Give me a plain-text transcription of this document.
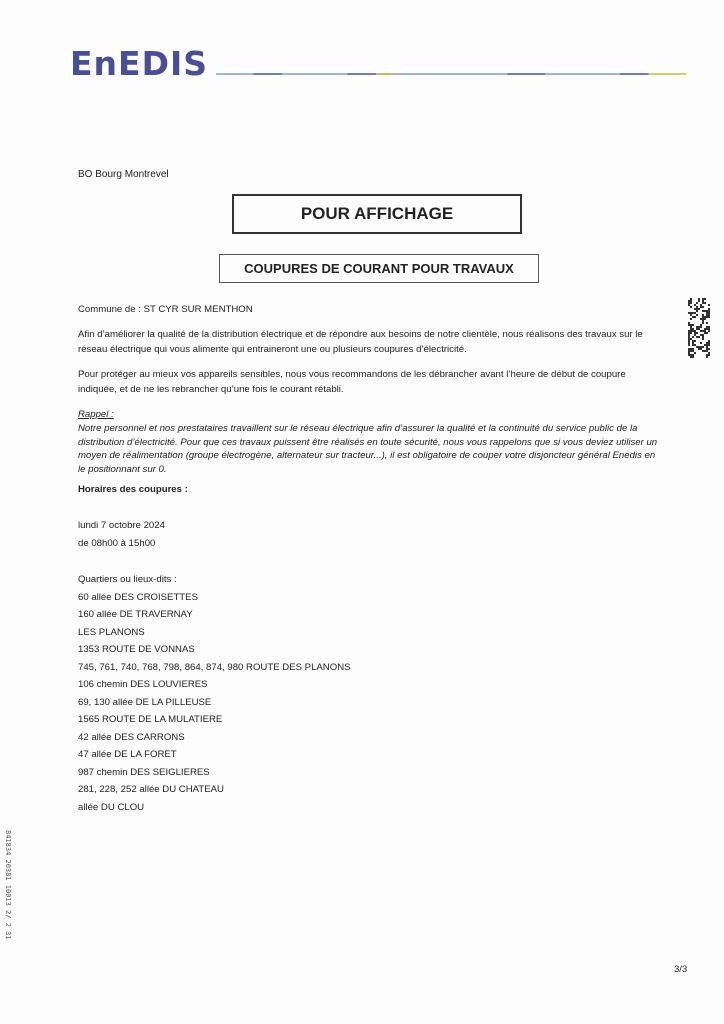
EnEDIS
BO Bourg Montrevel
POUR AFFICHAGE
COUPURES DE COURANT POUR TRAVAUX

Commune de : ST CYR SUR MENTHON

Afin d’améliorer la qualité de la distribution électrique et de répondre aux besoins de notre clientèle, nous réalisons des travaux sur le réseau électrique qui vous alimente qui entraineront une ou plusieurs coupures d’électricité.

Pour protéger au mieux vos appareils sensibles, nous vous recommandons de les débrancher avant l’heure de début de coupure indiquée, et de ne les rebrancher qu’une fois le courant rétabli.

Rappel :

Notre personnel et nos prestataires travaillent sur le réseau électrique afin d’assurer la qualité et la continuité du service public de la distribution d’électricité. Pour que ces travaux puissent être réalisés en toute sécurité, nous vous rappelons que si vous deviez utiliser un moyen de réalimentation (groupe électrogène, alternateur sur tracteur...), il est obligatoire de couper votre disjoncteur général Enedis en le positionnant sur 0.

Horaires des coupures :

lundi 7 octobre 2024

de 08h00 à 15h00

Quartiers ou lieux-dits :

60 allée DES CROISETTES
160 allée DE TRAVERNAY
LES PLANONS
1353 ROUTE DE VONNAS
745, 761, 740, 768, 798, 864, 874, 980 ROUTE DES PLANONS
106 chemin DES LOUVIERES
69, 130 allée DE LA PILLEUSE
1565 ROUTE DE LA MULATIERE
42 allée DES CARRONS
47 allée DE LA FORET
987 chemin DES SEIGLIERES
281, 228, 252 allée DU CHATEAU
allée DU CLOU
841834 20381 10013 2/ 2 31
3/3
